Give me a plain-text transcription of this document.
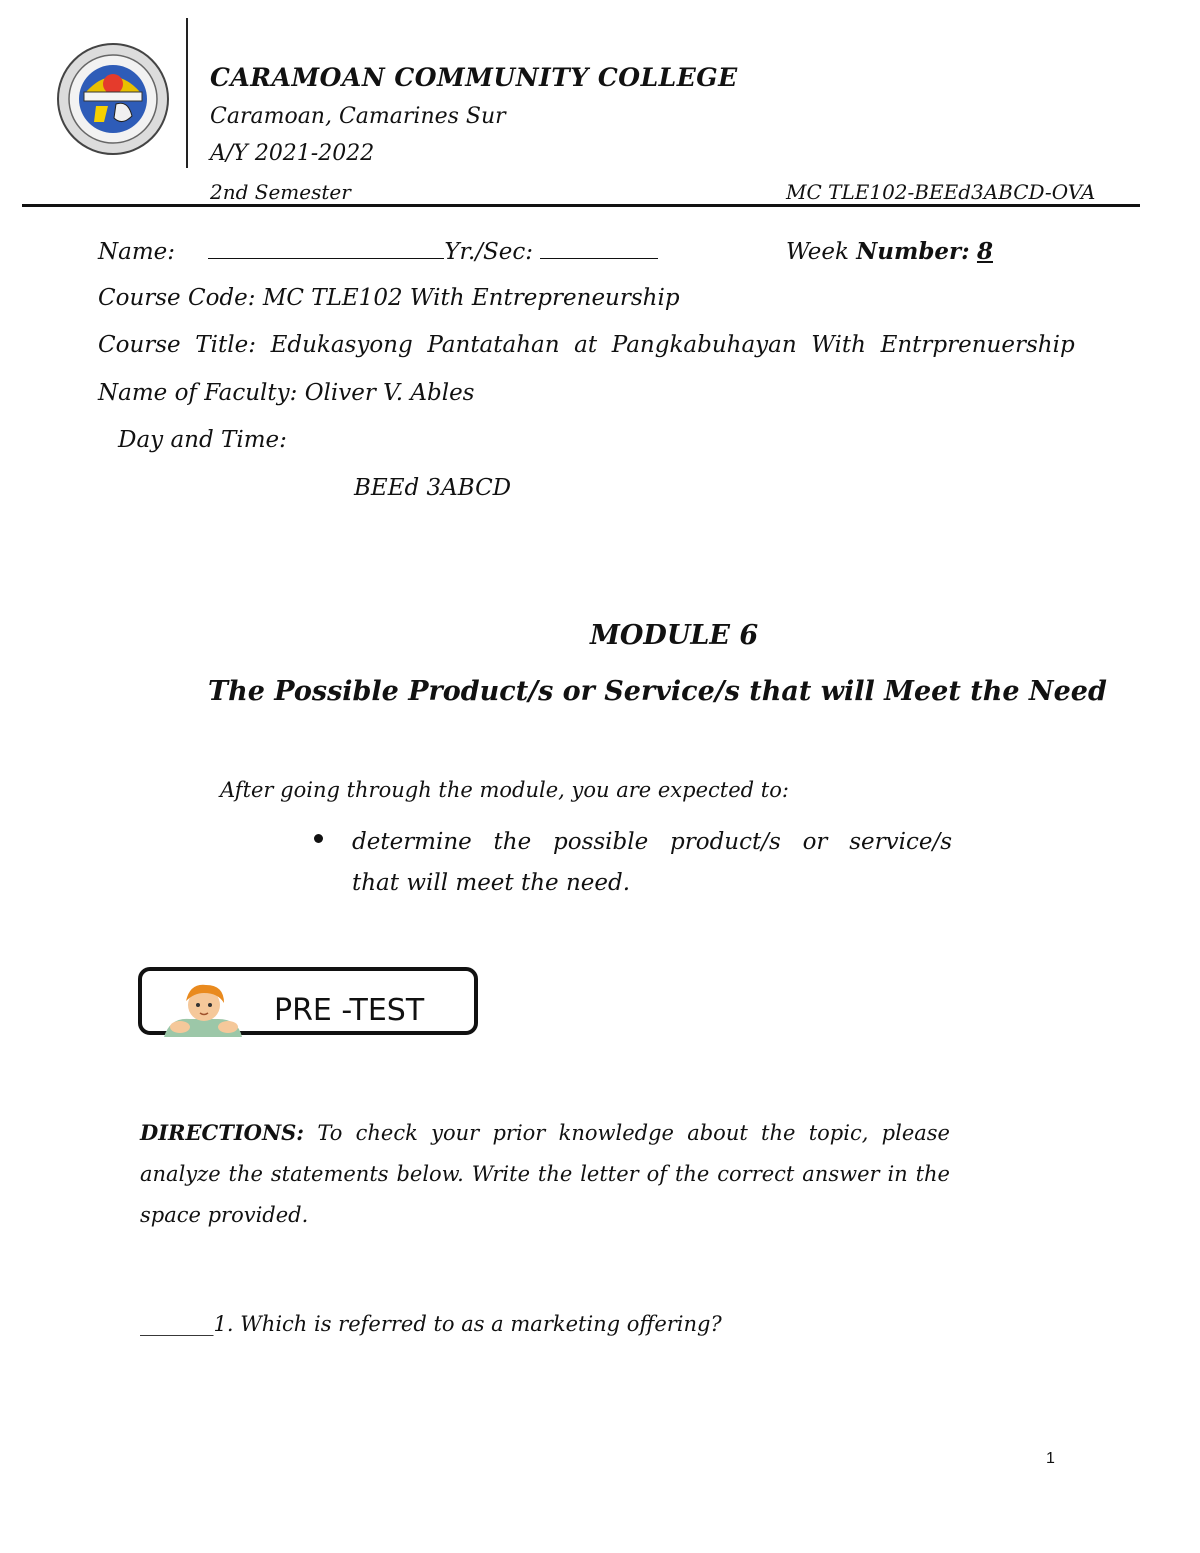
CARAMOAN COMMUNITY COLLEGE
Caramoan, Camarines Sur
A/Y 2021-2022
2nd Semester	MC TLE102-BEEd3ABCD-OVA
Name:	Yr./Sec:	Week Number: 8
Course Code: MC TLE102 With Entrepreneurship
Course  Title:  Edukasyong  Pantatahan  at  Pangkabuhayan  With  Entrprenuership
Name of Faculty: Oliver V. Ables
Day and Time:
BEEd 3ABCD
MODULE 6
The Possible Product/s or Service/s that will Meet the Need
After going through the module, you are expected to:
determine  the  possible  product/s  or  service/s that will meet the need.
PRE -TEST
DIRECTIONS: To check your prior knowledge about the topic, please analyze the statements below. Write the letter of the correct answer in the space provided.
_______1. Which is referred to as a marketing offering?
1
